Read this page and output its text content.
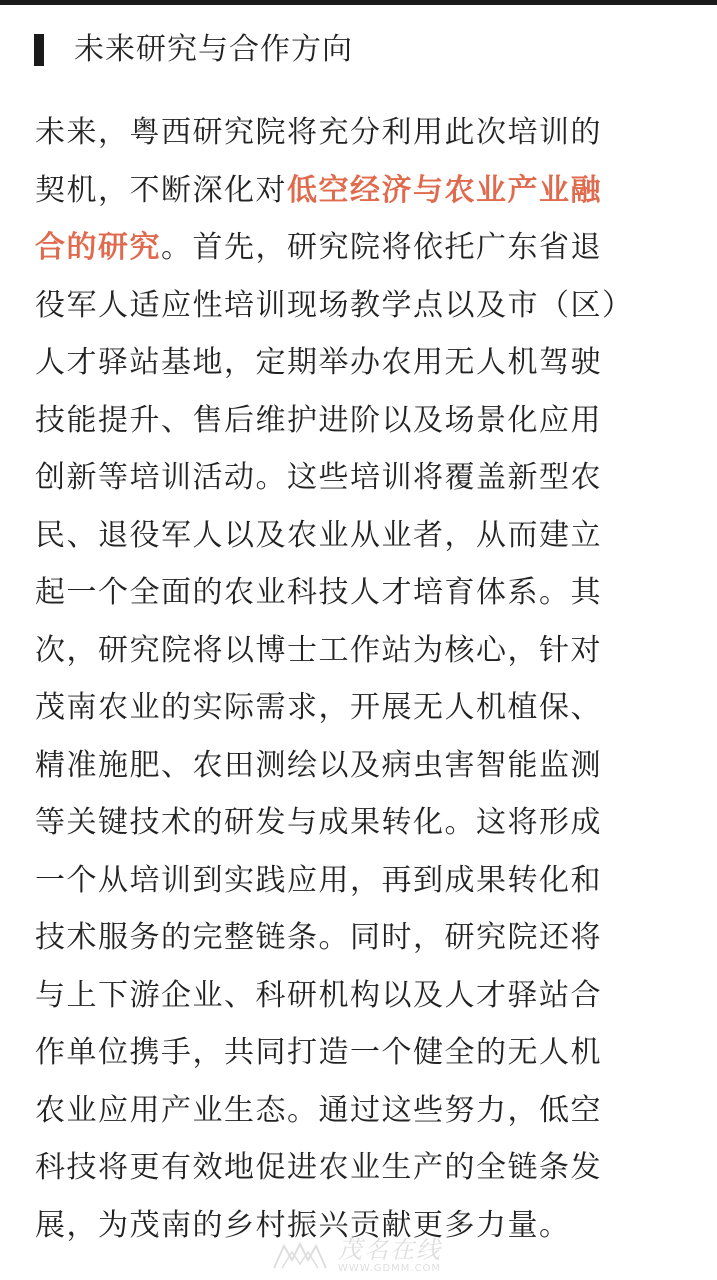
未来研究与合作方向
未来，粤西研究院将充分利用此次培训的
契机，不断深化对低空经济与农业产业融
合的研究。首先，研究院将依托广东省退
役军人适应性培训现场教学点以及市（区）
人才驿站基地，定期举办农用无人机驾驶
技能提升、售后维护进阶以及场景化应用
创新等培训活动。这些培训将覆盖新型农
民、退役军人以及农业从业者，从而建立
起一个全面的农业科技人才培育体系。其
次，研究院将以博士工作站为核心，针对
茂南农业的实际需求，开展无人机植保、
精准施肥、农田测绘以及病虫害智能监测
等关键技术的研发与成果转化。这将形成
一个从培训到实践应用，再到成果转化和
技术服务的完整链条。同时，研究院还将
与上下游企业、科研机构以及人才驿站合
作单位携手，共同打造一个健全的无人机
农业应用产业生态。通过这些努力，低空
科技将更有效地促进农业生产的全链条发
展，为茂南的乡村振兴贡献更多力量。
茂名在线
WWW.GDMM.COM
